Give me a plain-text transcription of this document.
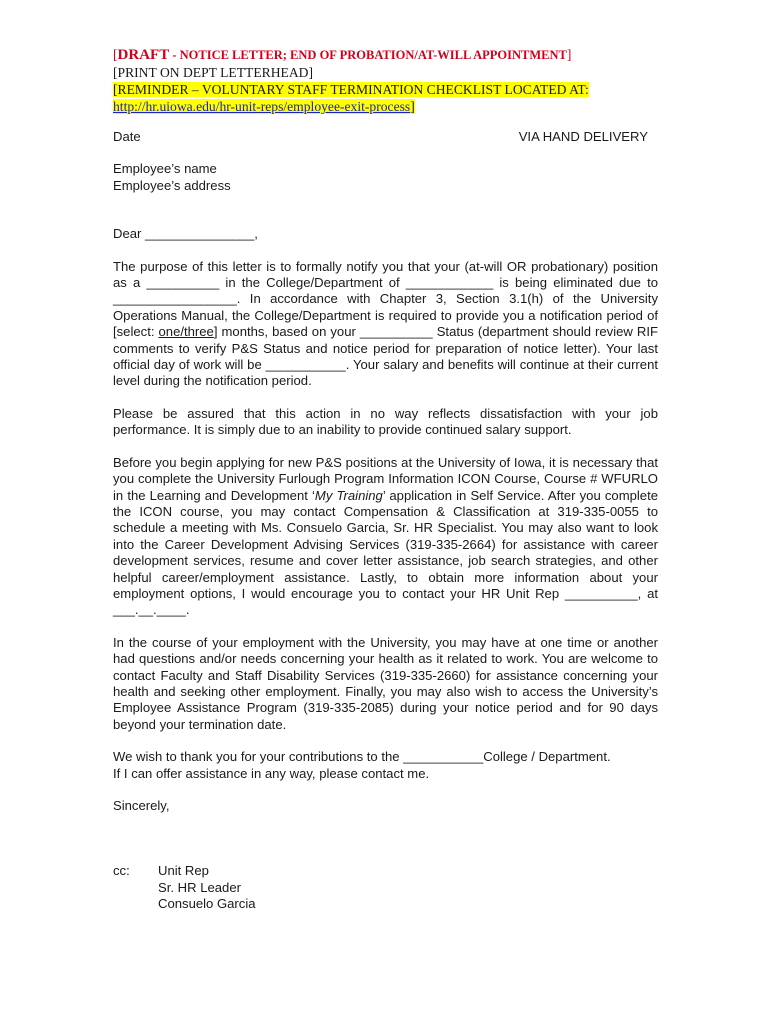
[DRAFT - NOTICE LETTER; END OF PROBATION/AT-WILL APPOINTMENT]
[PRINT ON DEPT LETTERHEAD]
[REMINDER – VOLUNTARY STAFF TERMINATION CHECKLIST LOCATED AT:
http://hr.uiowa.edu/hr-unit-reps/employee-exit-process]
Date	VIA HAND DELIVERY
Employee’s name
Employee’s address
Dear _______________,

The purpose of this letter is to formally notify you that your (at-will OR probationary) position as a __________ in the College/Department of ____________ is being eliminated due to _________________. In accordance with Chapter 3, Section 3.1(h) of the University Operations Manual, the College/Department is required to provide you a notification period of [select: one/three] months, based on your __________ Status (department should review RIF comments to verify P&S Status and notice period for preparation of notice letter). Your last official day of work will be ___________. Your salary and benefits will continue at their current level during the notification period.

Please be assured that this action in no way reflects dissatisfaction with your job performance. It is simply due to an inability to provide continued salary support.

Before you begin applying for new P&S positions at the University of Iowa, it is necessary that you complete the University Furlough Program Information ICON Course, Course # WFURLO in the Learning and Development ‘My Training’ application in Self Service. After you complete the ICON course, you may contact Compensation & Classification at 319-335-0055 to schedule a meeting with Ms. Consuelo Garcia, Sr. HR Specialist. You may also want to look into the Career Development Advising Services (319-335-2664) for assistance with career development services, resume and cover letter assistance, job search strategies, and other helpful career/employment assistance. Lastly, to obtain more information about your employment options, I would encourage you to contact your HR Unit Rep __________, at ___.__.____.

In the course of your employment with the University, you may have at one time or another had questions and/or needs concerning your health as it related to work. You are welcome to contact Faculty and Staff Disability Services (319-335-2660) for assistance concerning your health and seeking other employment. Finally, you may also wish to access the University’s Employee Assistance Program (319-335-2085) during your notice period and for 90 days beyond your termination date.

We wish to thank you for your contributions to the ___________College / Department.
If I can offer assistance in any way, please contact me.
Sincerely,
cc:	Unit Rep
Sr. HR Leader
Consuelo Garcia
